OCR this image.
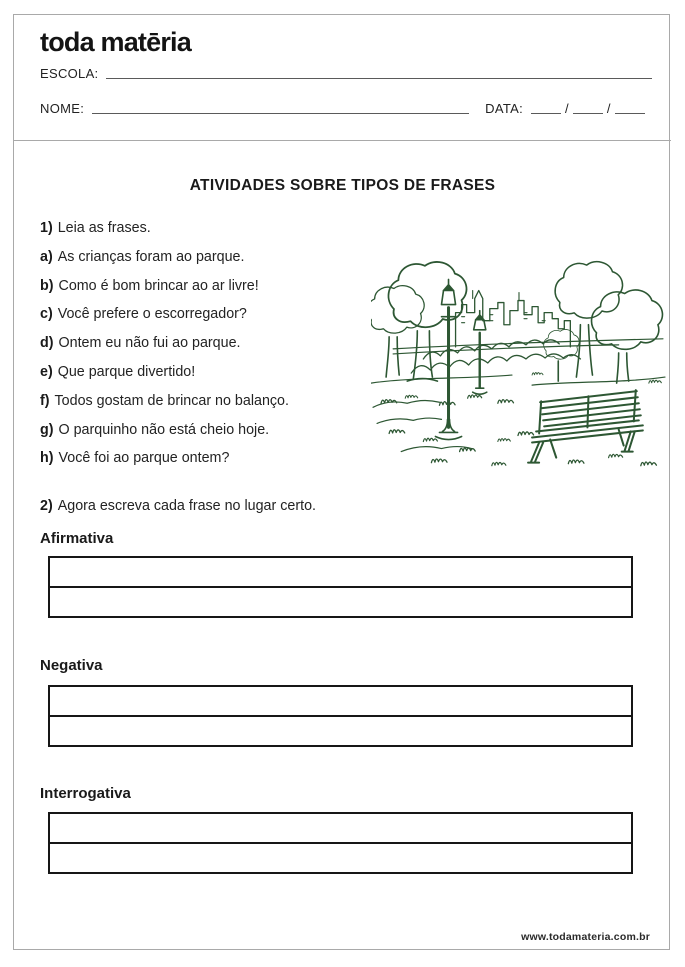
toda matēria
ESCOLA:
NOME:	DATA:	/	/
ATIVIDADES SOBRE TIPOS DE FRASES
1) Leia as frases.
a) As crianças foram ao parque.
b) Como é bom brincar ao ar livre!
c) Você prefere o escorregador?
d) Ontem eu não fui ao parque.
e) Que parque divertido!
f) Todos gostam de brincar no balanço.
g) O parquinho não está cheio hoje.
h) Você foi ao parque ontem?
2) Agora escreva cada frase no lugar certo.
Afirmativa
Negativa
Interrogativa
www.todamateria.com.br
